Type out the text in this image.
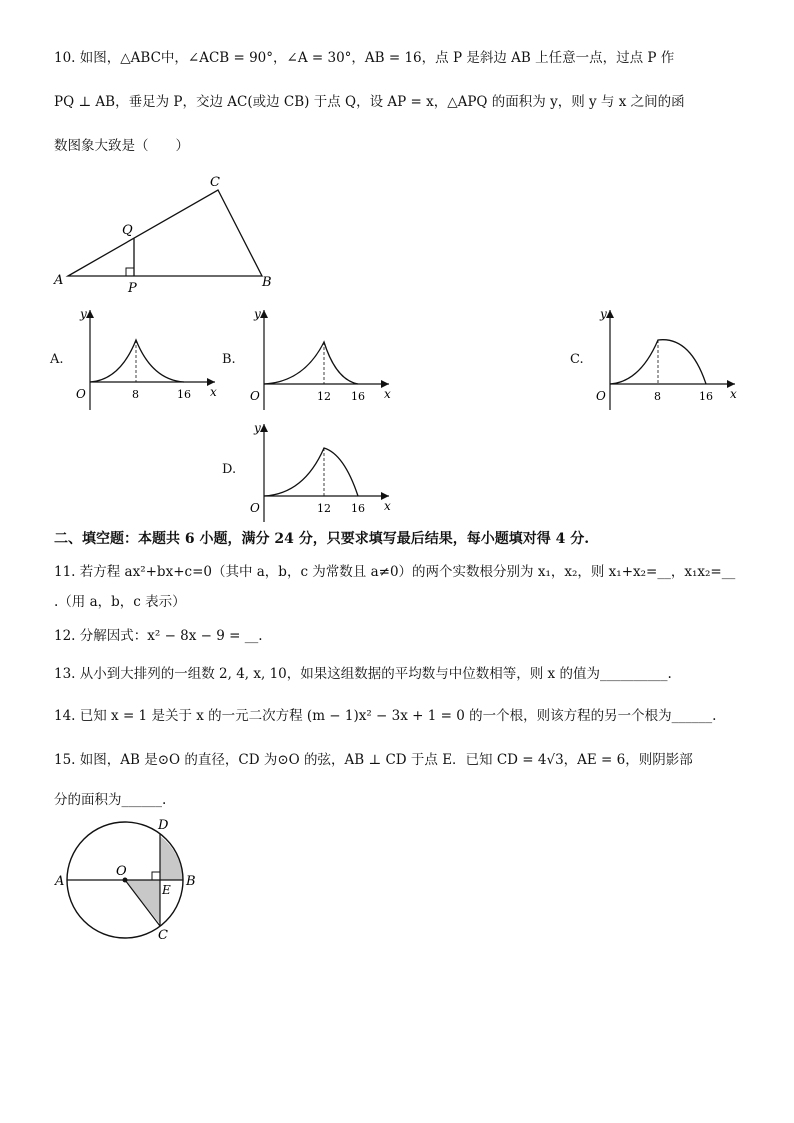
10. 如图，△ABC中，∠ACB = 90°，∠A = 30°，AB = 16，点 P 是斜边 AB 上任意一点，过点 P 作
PQ ⊥ AB，垂足为 P，交边 AC(或边 CB) 于点 Q，设 AP = x，△APQ 的面积为 y，则 y 与 x 之间的函
数图象大致是（　　）
A
C
B
Q
P
A.
y
O	8	16 x
B.
y
O	12 16 x
C.
y
O	8	16 x
D.
y
O	12 16 x
二、填空题：本题共 6 小题，满分 24 分，只要求填写最后结果，每小题填对得 4 分.
11. 若方程 ax²+bx+c=0（其中 a，b，c 为常数且 a≠0）的两个实数根分别为 x₁，x₂，则 x₁+x₂=__，x₁x₂=__
.（用 a，b，c 表示）
12. 分解因式：x² − 8x − 9 = __.
13. 从小到大排列的一组数 2, 4, x, 10，如果这组数据的平均数与中位数相等，则 x 的值为__________.
14. 已知 x = 1 是关于 x 的一元二次方程 (m − 1)x² − 3x + 1 = 0 的一个根，则该方程的另一个根为______.
15. 如图，AB 是⊙O 的直径，CD 为⊙O 的弦，AB ⊥ CD 于点 E．已知 CD = 4√3，AE = 6，则阴影部
分的面积为______.
A	B
D
C
E
O
